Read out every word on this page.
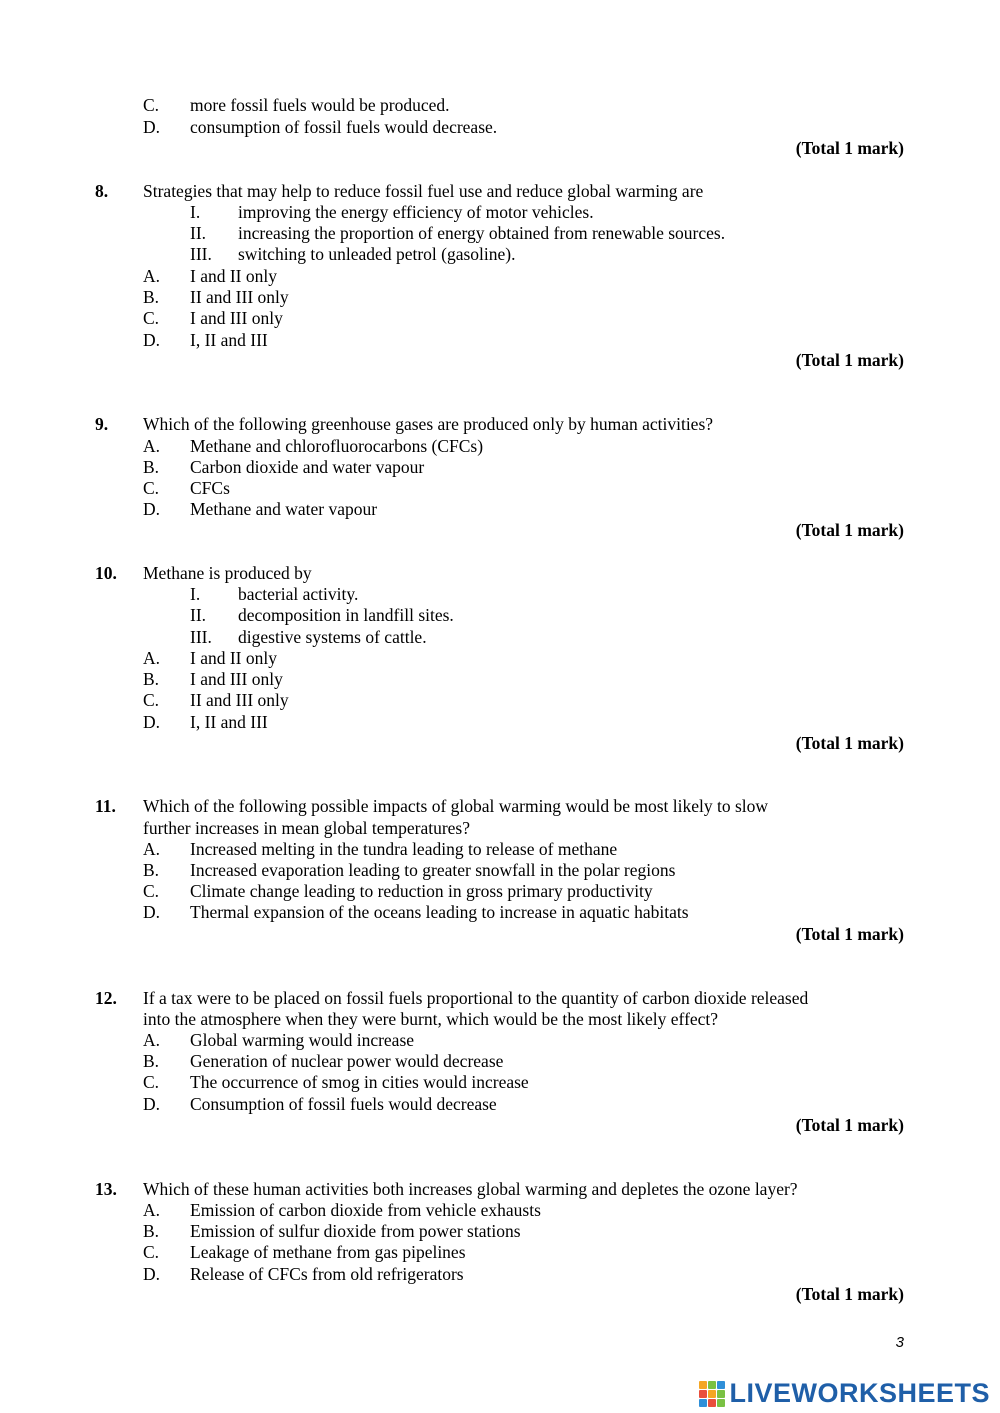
C. more fossil fuels would be produced.
D. consumption of fossil fuels would decrease.
(Total 1 mark)
8. Strategies that may help to reduce fossil fuel use and reduce global warming are
I. improving the energy efficiency of motor vehicles.
II. increasing the proportion of energy obtained from renewable sources.
III. switching to unleaded petrol (gasoline).
A. I and II only
B. II and III only
C. I and III only
D. I, II and III
(Total 1 mark)
9. Which of the following greenhouse gases are produced only by human activities?
A. Methane and chlorofluorocarbons (CFCs)
B. Carbon dioxide and water vapour
C. CFCs
D. Methane and water vapour
(Total 1 mark)
10. Methane is produced by
I. bacterial activity.
II. decomposition in landfill sites.
III. digestive systems of cattle.
A. I and II only
B. I and III only
C. II and III only
D. I, II and III
(Total 1 mark)
11. Which of the following possible impacts of global warming would be most likely to slow
further increases in mean global temperatures?
A. Increased melting in the tundra leading to release of methane
B. Increased evaporation leading to greater snowfall in the polar regions
C. Climate change leading to reduction in gross primary productivity
D. Thermal expansion of the oceans leading to increase in aquatic habitats
(Total 1 mark)
12. If a tax were to be placed on fossil fuels proportional to the quantity of carbon dioxide released
into the atmosphere when they were burnt, which would be the most likely effect?
A. Global warming would increase
B. Generation of nuclear power would decrease
C. The occurrence of smog in cities would increase
D. Consumption of fossil fuels would decrease
(Total 1 mark)
13. Which of these human activities both increases global warming and depletes the ozone layer?
A. Emission of carbon dioxide from vehicle exhausts
B. Emission of sulfur dioxide from power stations
C. Leakage of methane from gas pipelines
D. Release of CFCs from old refrigerators
(Total 1 mark)
3
LIVEWORKSHEETS
